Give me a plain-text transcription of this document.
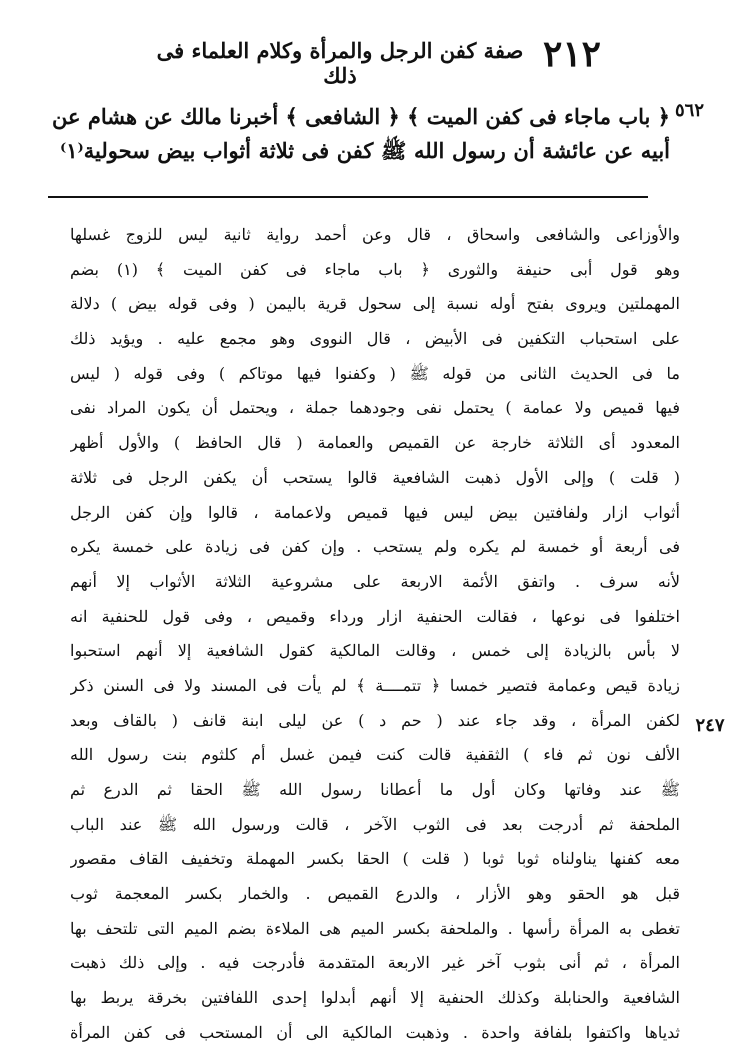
٢١٢
صفة كفن الرجل والمرأة وكلام العلماء فى ذلك
٥٦٢
﴿ باب ماجاء فى كفن الميت ﴾ ﴿ الشافعى ﴾ أخبرنا مالك عن هشام عن
أبيه عن عائشة أن رسول الله ﷺ كفن فى ثلاثة أثواب بيض سحولية⁽١⁾
٢٤٧
والأوزاعى والشافعى واسحاق ، قال وعن أحمد رواية ثانية ليس للزوج غسلها
وهو قول أبى حنيفة والثورى ﴿ باب ماجاء فى كفن الميت ﴾ (١) بضم
المهملتين ويروى بفتح أوله نسبة إلى سحول قرية باليمن ( وفى قوله بيض ) دلالة
على استحباب التكفين فى الأبيض ، قال النووى وهو مجمع عليه . ويؤيد ذلك
ما فى الحديث الثانى من قوله ﷺ ( وكفنوا فيها موتاكم ) وفى قوله ( ليس
فيها قميص ولا عمامة ) يحتمل نفى وجودهما جملة ، ويحتمل أن يكون المراد نفى
المعدود أى الثلاثة خارجة عن القميص والعمامة ( قال الحافظ ) والأول أظهر
( قلت ) وإلى الأول ذهبت الشافعية قالوا يستحب أن يكفن الرجل فى ثلاثة
أثواب ازار ولفافتين بيض ليس فيها قميص ولاعمامة ، قالوا وإن كفن الرجل
فى أربعة أو خمسة لم يكره ولم يستحب . وإن كفن فى زيادة على خمسة يكره
لأنه سرف . واتفق الأئمة الاربعة على مشروعية الثلاثة الأثواب إلا أنهم
اختلفوا فى نوعها ، فقالت الحنفية ازار ورداء وقميص ، وفى قول للحنفية انه
لا بأس بالزيادة إلى خمس ، وقالت المالكية كقول الشافعية إلا أنهم استحبوا
زيادة قيص وعمامة فتصير خمسا ﴿ تتمــــة ﴾ لم يأت فى المسند ولا فى السنن ذكر
لكفن المرأة ، وقد جاء عند ( حم د ) عن ليلى ابنة قانف ( بالقاف وبعد
الألف نون ثم فاء ) الثقفية قالت كنت فيمن غسل أم كلثوم بنت رسول الله
ﷺ عند وفاتها وكان أول ما أعطانا رسول الله ﷺ الحقا ثم الدرع ثم
الملحفة ثم أدرجت بعد فى الثوب الآخر ، قالت ورسول الله ﷺ عند الباب
معه كفنها يناولناه ثوبا ثوبا ( قلت ) الحقا بكسر المهملة وتخفيف القاف مقصور
قبل هو الحقو وهو الأزار ، والدرع القميص . والخمار بكسر المعجمة ثوب
تغطى به المرأة رأسها . والملحفة بكسر الميم هى الملاءة بضم الميم التى تلتحف بها
المرأة ، ثم أنى بثوب آخر غير الاربعة المتقدمة فأدرجت فيه . وإلى ذلك ذهبت
الشافعية والحنابلة وكذلك الحنفية إلا أنهم أبدلوا إحدى اللفافتين بخرقة يربط بها
ثدياها واكتفوا بلفافة واحدة . وذهبت المالكية الى أن المستحب فى كفن المرأة
